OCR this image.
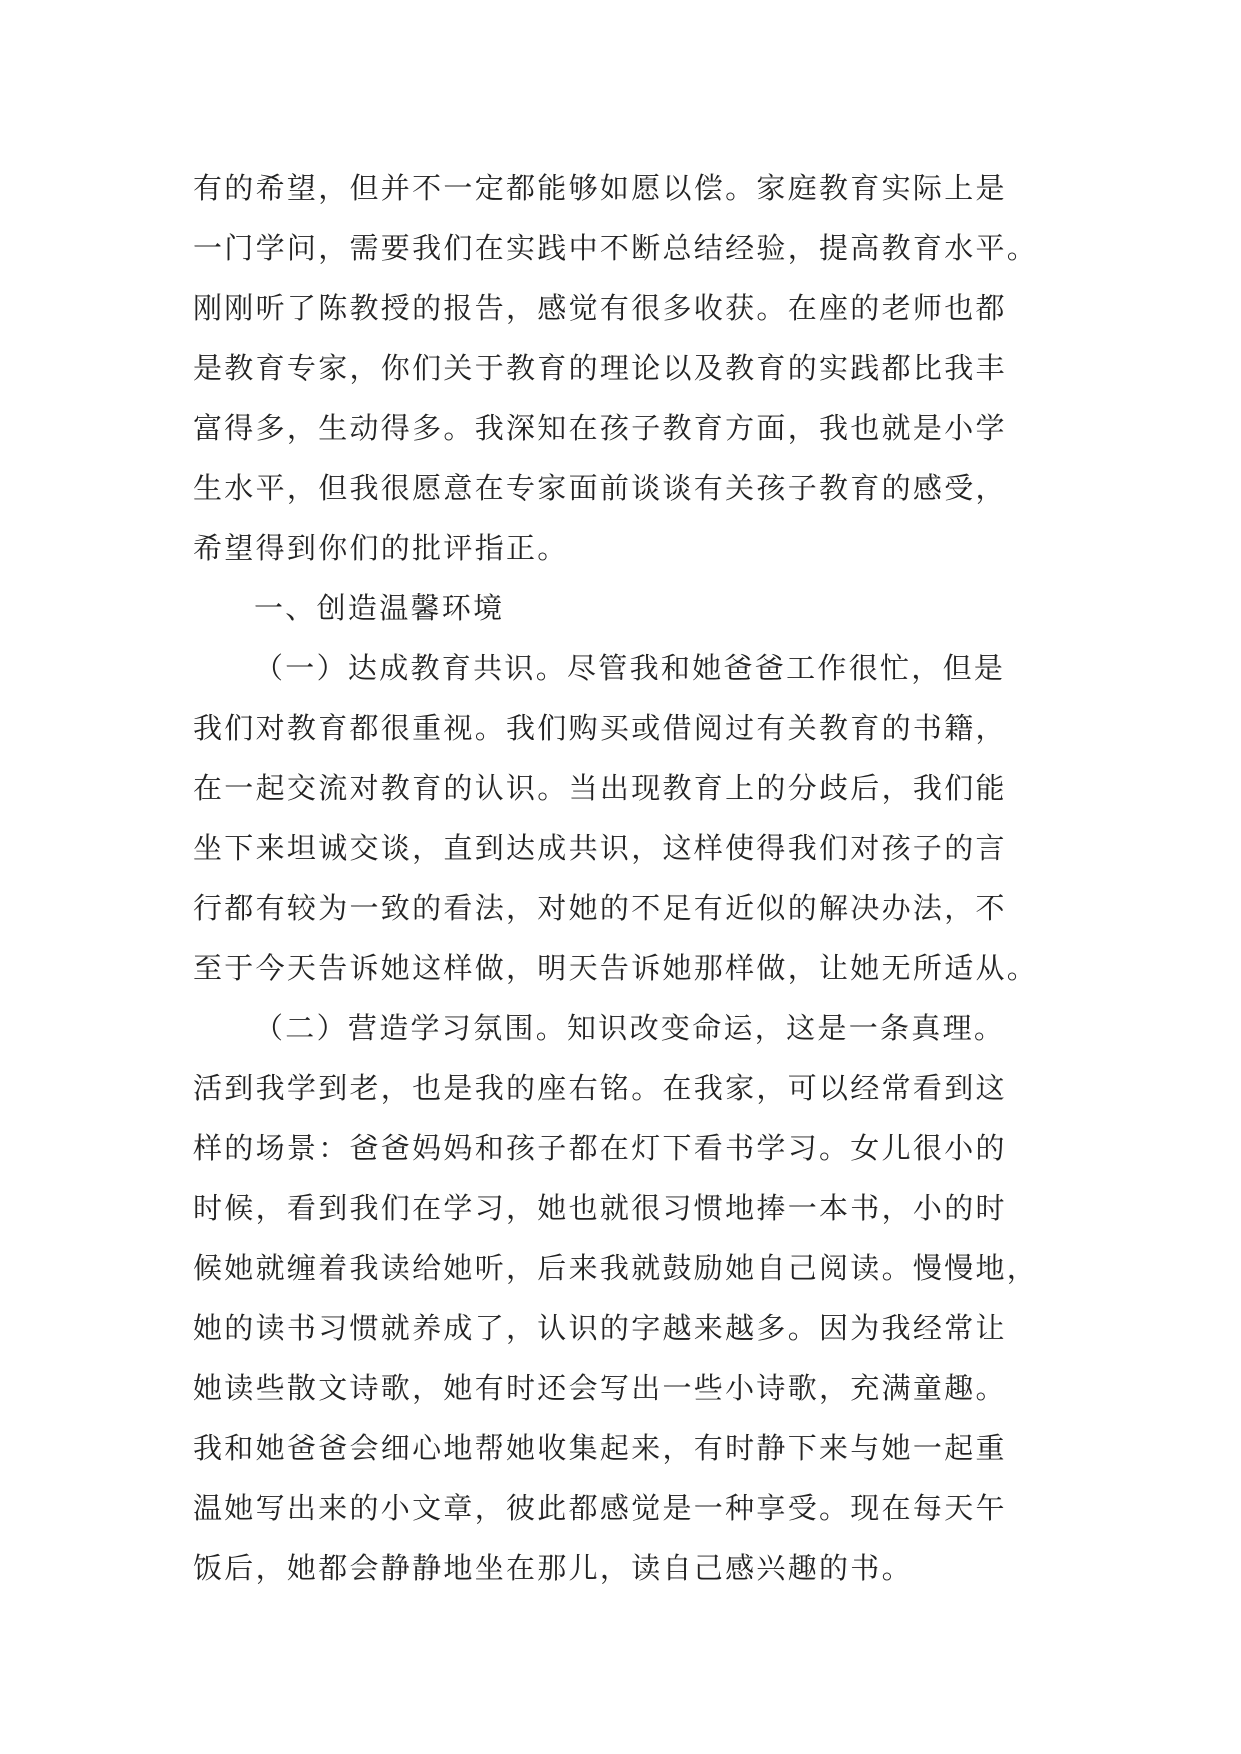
有的希望，但并不一定都能够如愿以偿。家庭教育实际上是
一门学问，需要我们在实践中不断总结经验，提高教育水平。
刚刚听了陈教授的报告，感觉有很多收获。在座的老师也都
是教育专家，你们关于教育的理论以及教育的实践都比我丰
富得多，生动得多。我深知在孩子教育方面，我也就是小学
生水平，但我很愿意在专家面前谈谈有关孩子教育的感受，
希望得到你们的批评指正。
一、创造温馨环境
（一）达成教育共识。尽管我和她爸爸工作很忙，但是
我们对教育都很重视。我们购买或借阅过有关教育的书籍，
在一起交流对教育的认识。当出现教育上的分歧后，我们能
坐下来坦诚交谈，直到达成共识，这样使得我们对孩子的言
行都有较为一致的看法，对她的不足有近似的解决办法，不
至于今天告诉她这样做，明天告诉她那样做，让她无所适从。
（二）营造学习氛围。知识改变命运，这是一条真理。
活到我学到老，也是我的座右铭。在我家，可以经常看到这
样的场景：爸爸妈妈和孩子都在灯下看书学习。女儿很小的
时候，看到我们在学习，她也就很习惯地捧一本书，小的时
候她就缠着我读给她听，后来我就鼓励她自己阅读。慢慢地，
她的读书习惯就养成了，认识的字越来越多。因为我经常让
她读些散文诗歌，她有时还会写出一些小诗歌，充满童趣。
我和她爸爸会细心地帮她收集起来，有时静下来与她一起重
温她写出来的小文章，彼此都感觉是一种享受。现在每天午
饭后，她都会静静地坐在那儿，读自己感兴趣的书。
